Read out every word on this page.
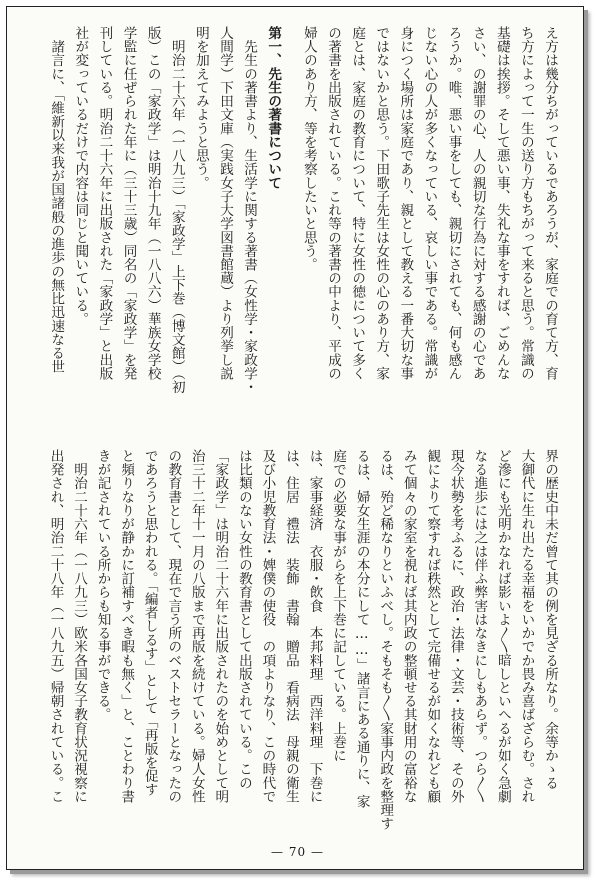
え方は幾分ちがっているであろうが、家庭での育て方、育
ち方によって一生の送り方もちがって来ると思う。常識の
基礎は挨拶。そして悪い事、失礼な事をすれば、ごめんな
さい、の謝罪の心、人の親切な行為に対する感謝の心であ
ろうか。唯、悪い事をしても、親切にされても、何も感ん
じない心の人が多くなっている、哀しい事である。常識が
身につく場所は家庭であり、親として教える一番大切な事
ではないかと思う。下田歌子先生は女性の心のあり方、家
庭とは、家庭の教育について、特に女性の徳について多く
の著書を出版されている。これ等の著書の中より、平成の
婦人のあり方、等を考察したいと思う。
第一、先生の著書について
　先生の著書より、生活学に関する著書（女性学・家政学・
人間学）下田文庫（実践女子大学図書館蔵）より列挙し説
明を加えてみようと思う。
　明治二十六年（一八九三）「家政学」上下巻（博文館）（初
版）この「家政学」は明治十九年（一八八六）華族女学校
学監に任ぜられた年に（三十三歳）同名の「家政学」を発
刊している。明治二十六年に出版された「家政学」と出版
社が変っているだけで内容は同じと聞いている。
　諸言に、「維新以来我が国諸般の進歩の無比迅速なる世
界の歴史中未だ曾て其の例を見ざる所なり。余等かゝる
大御代に生れ出たる幸福をいかでか畏み喜ばざらむ。され
ど滲にも光明かなれば影いよ〳〵暗しといへるが如く急劇
なる進歩には之は伴ふ弊害はなきにしもあらず。つら〳〵
現今状勢を考ふるに、政治・法律・文芸・技術等、その外
観によりて察すれば秩然として完備せるが如くなれども顧
みて個々の家室を視れば其内政の整頓せる其財用の富裕な
るは、殆ど稀なりといふべし。そもそも〳〵家事内政を整理す
るは、婦女生涯の本分にして……」諸言にある通りに、家
庭での必要な事がらを上下巻に記している。上巻に
は、家事経済　衣服・飲食　本邦料理　西洋料理　下巻に
は、住居　禮法　装飾　書翰　贈品　看病法　母親の衛生
及び小児教育法・婢僕の使役　の項よりなり、この時代で
は比類のない女性の教育書として出版されている。この
「家政学」は明治二十六年に出版されたのを始めとして明
治三十二年十一月の八版まで再版を続けている。婦人女性
の教育書として、現在で言う所のベストセラーとなったの
であろうと思われる。「編者しるす」として「再版を促す
と頻りなりが静かに訂補すべき暇も無く」と、ことわり書
きが記されている所からも知る事ができる。
　明治二十六年（一八九三）欧米各国女子教育状況視察に
出発され、明治二十八年（一八九五）帰朝されている。こ
— 70 —
